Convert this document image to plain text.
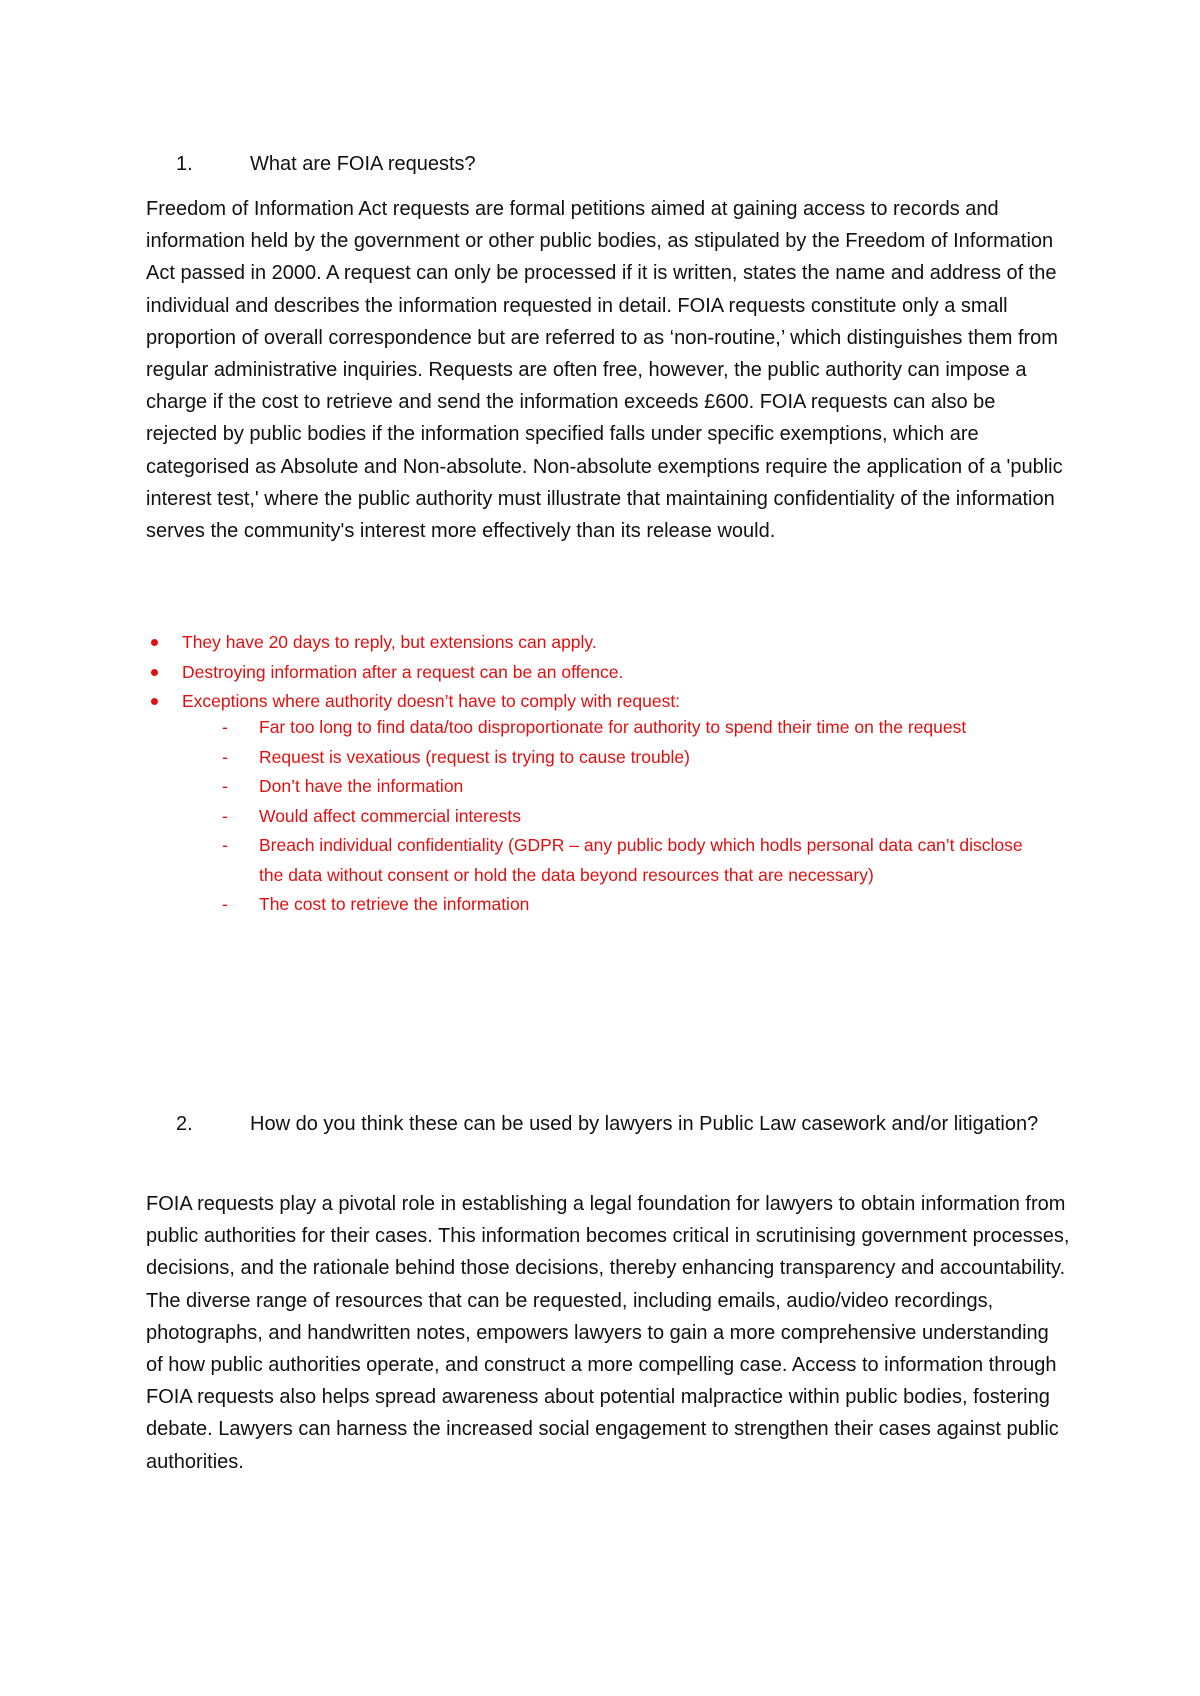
1.	What are FOIA requests?

Freedom of Information Act requests are formal petitions aimed at gaining access to records and information held by the government or other public bodies, as stipulated by the Freedom of Information Act passed in 2000. A request can only be processed if it is written, states the name and address of the individual and describes the information requested in detail. FOIA requests constitute only a small proportion of overall correspondence but are referred to as ‘non-routine,’ which distinguishes them from regular administrative inquiries. Requests are often free, however, the public authority can impose a charge if the cost to retrieve and send the information exceeds £600. FOIA requests can also be rejected by public bodies if the information specified falls under specific exemptions, which are categorised as Absolute and Non-absolute. Non-absolute exemptions require the application of a 'public interest test,' where the public authority must illustrate that maintaining confidentiality of the information serves the community's interest more effectively than its release would.

They have 20 days to reply, but extensions can apply.
Destroying information after a request can be an offence.
Exceptions where authority doesn’t have to comply with request:
- Far too long to find data/too disproportionate for authority to spend their time on the request
- Request is vexatious (request is trying to cause trouble)
- Don’t have the information
- Would affect commercial interests
- Breach individual confidentiality (GDPR – any public body which hodls personal data can’t disclose the data without consent or hold the data beyond resources that are necessary)
- The cost to retrieve the information
2.	How do you think these can be used by lawyers in Public Law casework and/or litigation?

FOIA requests play a pivotal role in establishing a legal foundation for lawyers to obtain information from public authorities for their cases. This information becomes critical in scrutinising government processes, decisions, and the rationale behind those decisions, thereby enhancing transparency and accountability. The diverse range of resources that can be requested, including emails, audio/video recordings, photographs, and handwritten notes, empowers lawyers to gain a more comprehensive understanding of how public authorities operate, and construct a more compelling case. Access to information through FOIA requests also helps spread awareness about potential malpractice within public bodies, fostering debate. Lawyers can harness the increased social engagement to strengthen their cases against public authorities.
